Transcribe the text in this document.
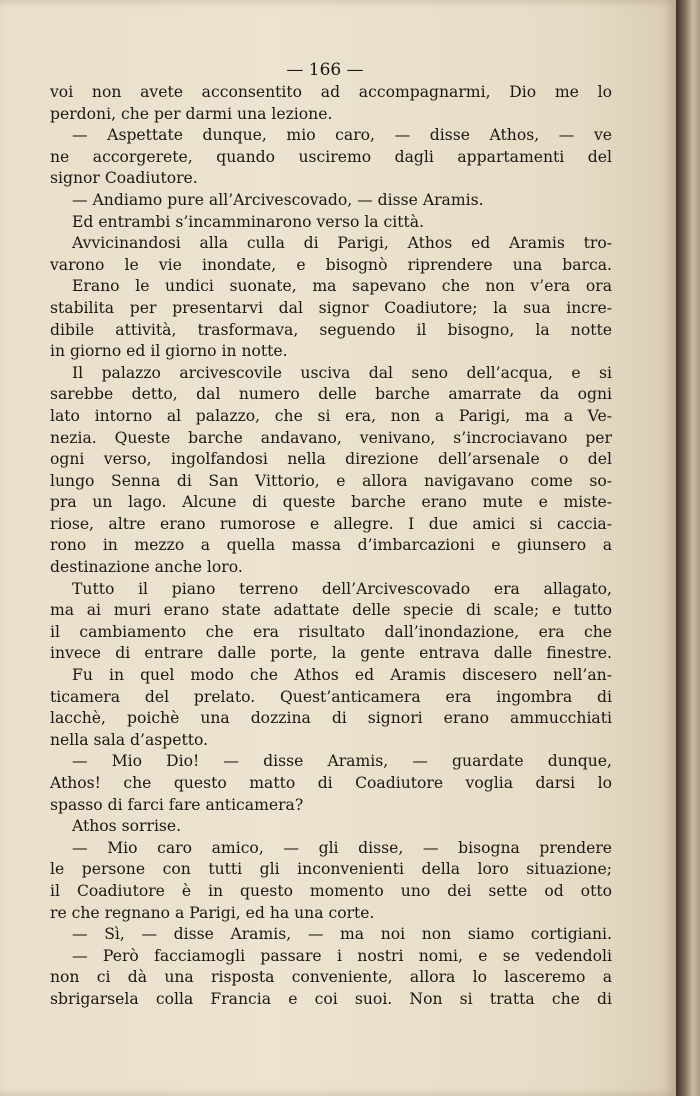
— 166 —
voi non avete acconsentito ad accompagnarmi, Dio me lo
perdoni, che per darmi una lezione.
— Aspettate dunque, mio caro, — disse Athos, — ve
ne accorgerete, quando usciremo dagli appartamenti del
signor Coadiutore.
— Andiamo pure all’Arcivescovado, — disse Aramis.
Ed entrambi s’incamminarono verso la città.
Avvicinandosi alla culla di Parigi, Athos ed Aramis tro-
varono le vie inondate, e bisognò riprendere una barca.
Erano le undici suonate, ma sapevano che non v’era ora
stabilita per presentarvi dal signor Coadiutore; la sua incre-
dibile attività, trasformava, seguendo il bisogno, la notte
in giorno ed il giorno in notte.
Il palazzo arcivescovile usciva dal seno dell’acqua, e si
sarebbe detto, dal numero delle barche amarrate da ogni
lato intorno al palazzo, che si era, non a Parigi, ma a Ve-
nezia. Queste barche andavano, venivano, s’incrociavano per
ogni verso, ingolfandosi nella direzione dell’arsenale o del
lungo Senna di San Vittorio, e allora navigavano come so-
pra un lago. Alcune di queste barche erano mute e miste-
riose, altre erano rumorose e allegre. I due amici si caccia-
rono in mezzo a quella massa d’imbarcazioni e giunsero a
destinazione anche loro.
Tutto il piano terreno dell’Arcivescovado era allagato,
ma ai muri erano state adattate delle specie di scale; e tutto
il cambiamento che era risultato dall’inondazione, era che
invece di entrare dalle porte, la gente entrava dalle finestre.
Fu in quel modo che Athos ed Aramis discesero nell’an-
ticamera del prelato. Quest’anticamera era ingombra di
lacchè, poichè una dozzina di signori erano ammucchiati
nella sala d’aspetto.
— Mio Dio! — disse Aramis, — guardate dunque,
Athos! che questo matto di Coadiutore voglia darsi lo
spasso di farci fare anticamera?
Athos sorrise.
— Mio caro amico, — gli disse, — bisogna prendere
le persone con tutti gli inconvenienti della loro situazione;
il Coadiutore è in questo momento uno dei sette od otto
re che regnano a Parigi, ed ha una corte.
— Sì, — disse Aramis, — ma noi non siamo cortigiani.
— Però facciamogli passare i nostri nomi, e se vedendoli
non ci dà una risposta conveniente, allora lo lasceremo a
sbrigarsela colla Francia e coi suoi. Non si tratta che di
